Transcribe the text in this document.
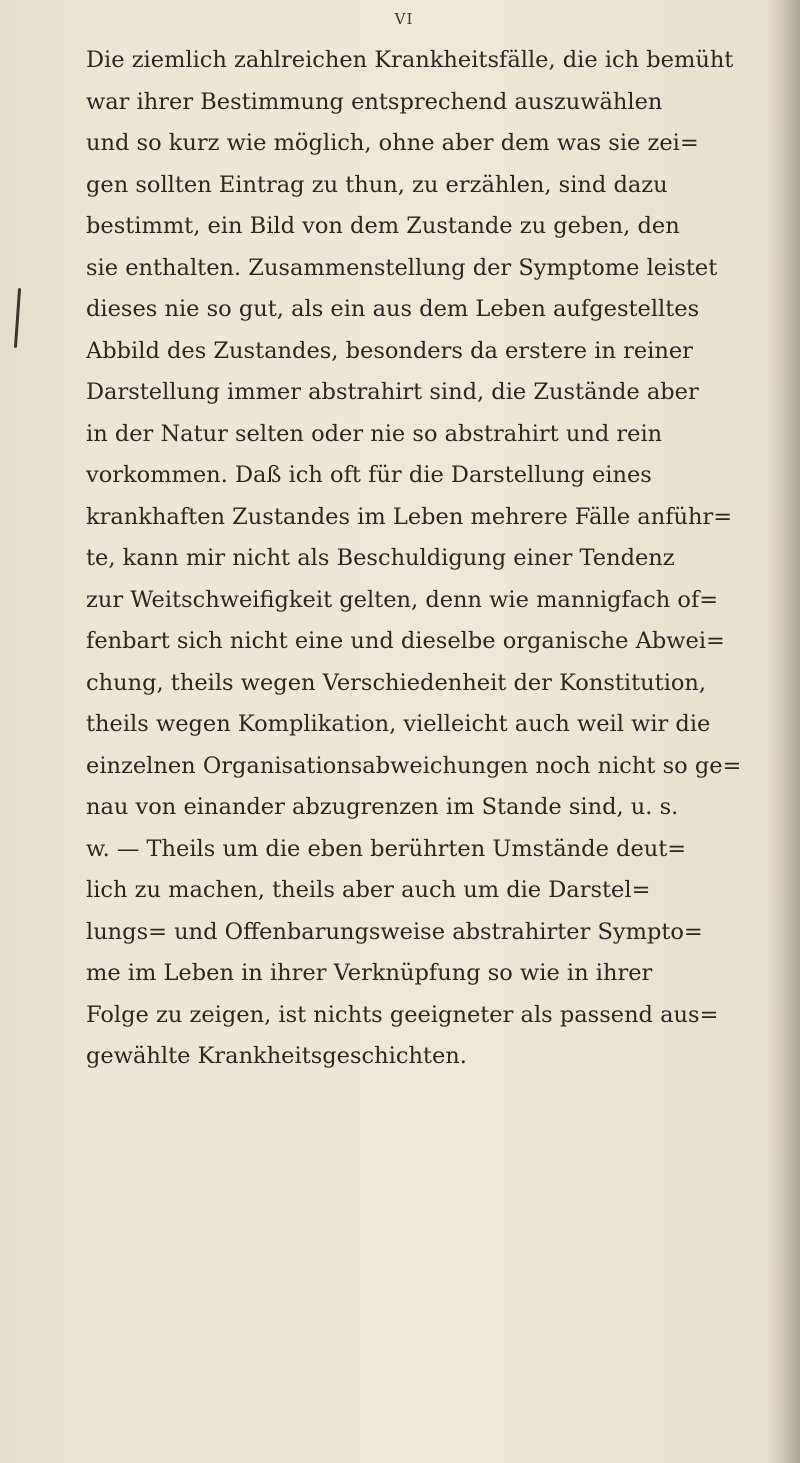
VI

Die ziemlich zahlreichen Krankheitsfälle, die ich bemüht
war ihrer Bestimmung entsprechend auszuwählen
und so kurz wie möglich, ohne aber dem was sie zei=
gen sollten Eintrag zu thun, zu erzählen, sind dazu
bestimmt, ein Bild von dem Zustande zu geben, den
sie enthalten. Zusammenstellung der Symptome leistet
dieses nie so gut, als ein aus dem Leben aufgestelltes
Abbild des Zustandes, besonders da erstere in reiner
Darstellung immer abstrahirt sind, die Zustände aber
in der Natur selten oder nie so abstrahirt und rein
vorkommen. Daß ich oft für die Darstellung eines
krankhaften Zustandes im Leben mehrere Fälle anführ=
te, kann mir nicht als Beschuldigung einer Tendenz
zur Weitschweifigkeit gelten, denn wie mannigfach of=
fenbart sich nicht eine und dieselbe organische Abwei=
chung, theils wegen Verschiedenheit der Konstitution,
theils wegen Komplikation, vielleicht auch weil wir die
einzelnen Organisationsabweichungen noch nicht so ge=
nau von einander abzugrenzen im Stande sind, u. s.
w. — Theils um die eben berührten Umstände deut=
lich zu machen, theils aber auch um die Darstel=
lungs= und Offenbarungsweise abstrahirter Sympto=
me im Leben in ihrer Verknüpfung so wie in ihrer
Folge zu zeigen, ist nichts geeigneter als passend aus=
gewählte Krankheitsgeschichten.
